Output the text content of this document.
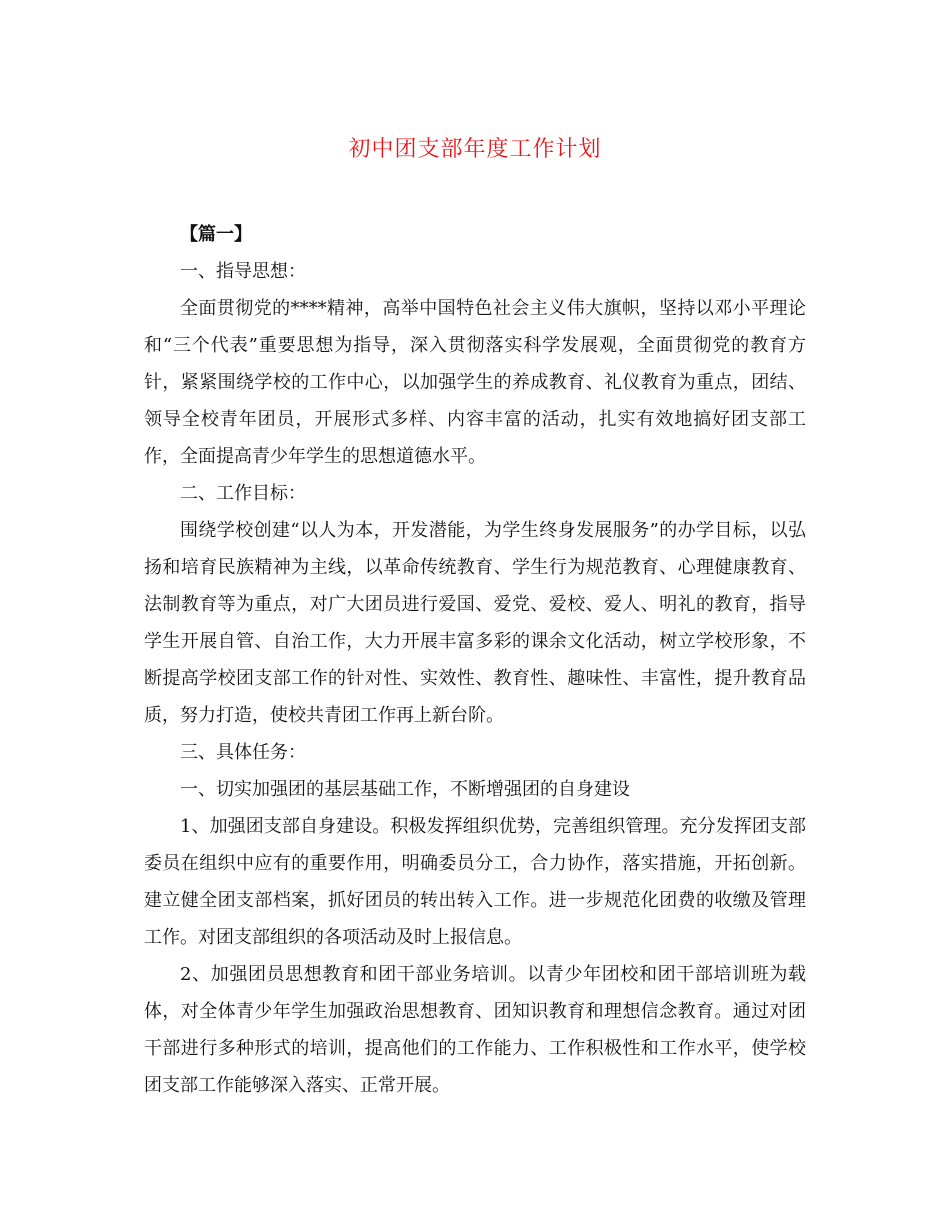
初中团支部年度工作计划

【篇一】

一、指导思想：

全面贯彻党的****精神，高举中国特色社会主义伟大旗帜，坚持以邓小平理论和“三个代表”重要思想为指导，深入贯彻落实科学发展观，全面贯彻党的教育方针，紧紧围绕学校的工作中心，以加强学生的养成教育、礼仪教育为重点，团结、领导全校青年团员，开展形式多样、内容丰富的活动，扎实有效地搞好团支部工作，全面提高青少年学生的思想道德水平。

二、工作目标：

围绕学校创建“以人为本，开发潜能，为学生终身发展服务”的办学目标，以弘扬和培育民族精神为主线，以革命传统教育、学生行为规范教育、心理健康教育、法制教育等为重点，对广大团员进行爱国、爱党、爱校、爱人、明礼的教育，指导学生开展自管、自治工作，大力开展丰富多彩的课余文化活动，树立学校形象，不断提高学校团支部工作的针对性、实效性、教育性、趣味性、丰富性，提升教育品质，努力打造，使校共青团工作再上新台阶。

三、具体任务：

一、切实加强团的基层基础工作，不断增强团的自身建设

1、加强团支部自身建设。积极发挥组织优势，完善组织管理。充分发挥团支部委员在组织中应有的重要作用，明确委员分工，合力协作，落实措施，开拓创新。建立健全团支部档案，抓好团员的转出转入工作。进一步规范化团费的收缴及管理工作。对团支部组织的各项活动及时上报信息。

2、加强团员思想教育和团干部业务培训。以青少年团校和团干部培训班为载体，对全体青少年学生加强政治思想教育、团知识教育和理想信念教育。通过对团干部进行多种形式的培训，提高他们的工作能力、工作积极性和工作水平，使学校团支部工作能够深入落实、正常开展。
